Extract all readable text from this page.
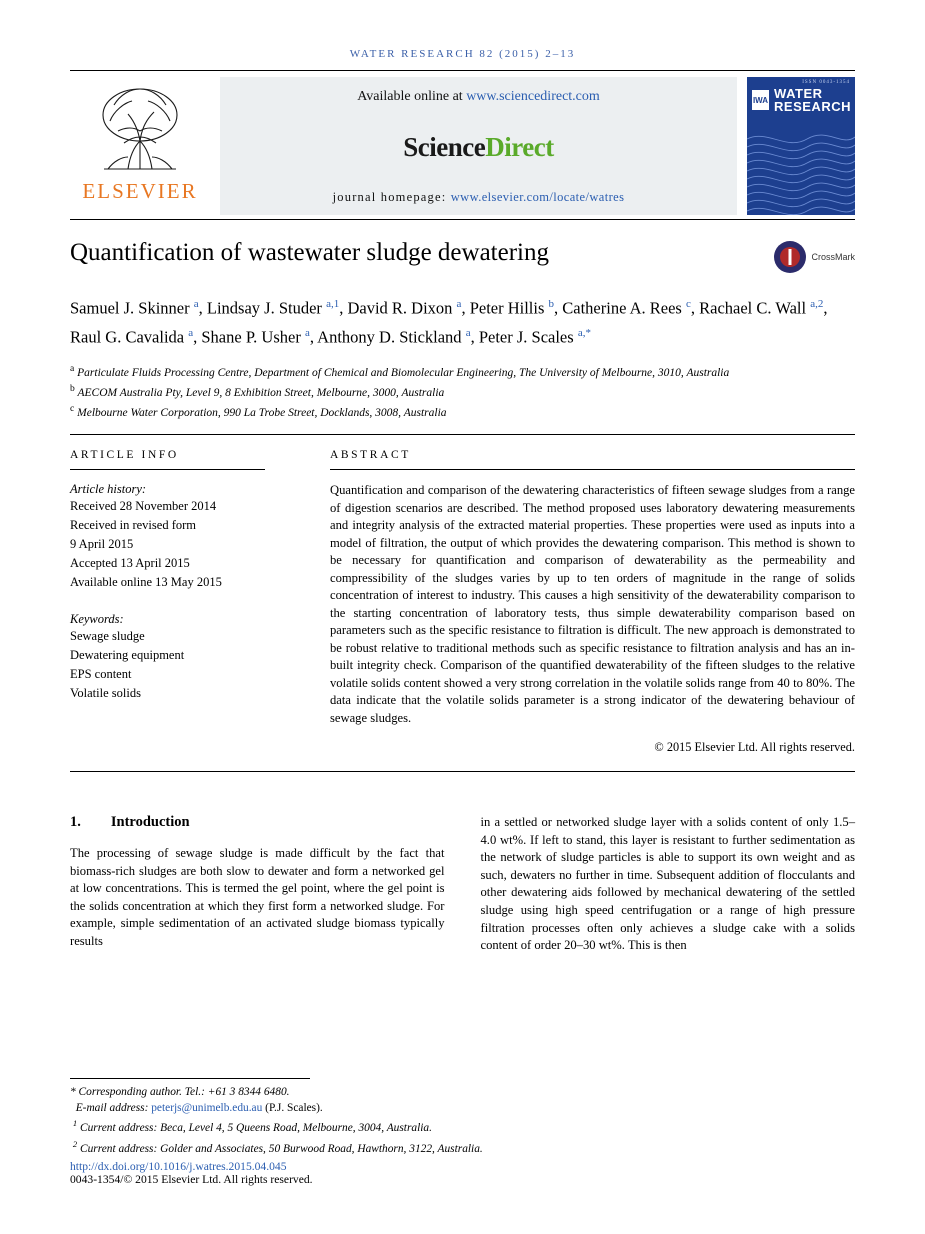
WATER RESEARCH 82 (2015) 2–13
ELSEVIER
Available online at www.sciencedirect.com
ScienceDirect
journal homepage: www.elsevier.com/locate/watres
ISSN 0043-1354
IWA WATER
RESEARCH
Quantification of wastewater sludge dewatering	CrossMark
Samuel J. Skinner $^a$, Lindsay J. Studer $^{a,1}$, David R. Dixon $^a$, Peter Hillis $^b$, Catherine A. Rees $^c$, Rachael C. Wall $^{a,2}$, Raul G. Cavalida $^a$, Shane P. Usher $^a$, Anthony D. Stickland $^a$, Peter J. Scales $^{a,*}$
$^a$ Particulate Fluids Processing Centre, Department of Chemical and Biomolecular Engineering, The University of Melbourne, 3010, Australia
$^b$ AECOM Australia Pty, Level 9, 8 Exhibition Street, Melbourne, 3000, Australia
$^c$ Melbourne Water Corporation, 990 La Trobe Street, Docklands, 3008, Australia
ARTICLE INFO
Article history:
Received 28 November 2014
Received in revised form
9 April 2015
Accepted 13 April 2015
Available online 13 May 2015
Keywords:
Sewage sludge
Dewatering equipment
EPS content
Volatile solids
ABSTRACT

Quantification and comparison of the dewatering characteristics of fifteen sewage sludges from a range of digestion scenarios are described. The method proposed uses laboratory dewatering measurements and integrity analysis of the extracted material properties. These properties were used as inputs into a model of filtration, the output of which provides the dewatering comparison. This method is shown to be necessary for quantification and comparison of dewaterability as the permeability and compressibility of the sludges varies by up to ten orders of magnitude in the range of solids concentration of interest to industry. This causes a high sensitivity of the dewaterability comparison to the starting concentration of laboratory tests, thus simple dewaterability comparison based on parameters such as the specific resistance to filtration is difficult. The new approach is demonstrated to be robust relative to traditional methods such as specific resistance to filtration analysis and has an in-built integrity check. Comparison of the quantified dewaterability of the fifteen sludges to the relative volatile solids content showed a very strong correlation in the volatile solids range from 40 to 80%. The data indicate that the volatile solids parameter is a strong indicator of the dewatering behaviour of sewage sludges.

© 2015 Elsevier Ltd. All rights reserved.
1. Introduction

The processing of sewage sludge is made difficult by the fact that biomass-rich sludges are both slow to dewater and form a networked gel at low concentrations. This is termed the gel point, where the gel point is the solids concentration at which they first form a networked sludge. For example, simple sedimentation of an activated sludge biomass typically results

in a settled or networked sludge layer with a solids content of only 1.5–4.0 wt%. If left to stand, this layer is resistant to further sedimentation as the network of sludge particles is able to support its own weight and as such, dewaters no further in time. Subsequent addition of flocculants and other dewatering aids followed by mechanical dewatering of the settled sludge using high speed centrifugation or a range of high pressure filtration processes often only achieves a sludge cake with a solids content of order 20–30 wt%. This is then

* Corresponding author. Tel.: +61 3 8344 6480.
E-mail address: peterjs@unimelb.edu.au (P.J. Scales).
$^1$ Current address: Beca, Level 4, 5 Queens Road, Melbourne, 3004, Australia.
$^2$ Current address: Golder and Associates, 50 Burwood Road, Hawthorn, 3122, Australia.
http://dx.doi.org/10.1016/j.watres.2015.04.045
0043-1354/© 2015 Elsevier Ltd. All rights reserved.
